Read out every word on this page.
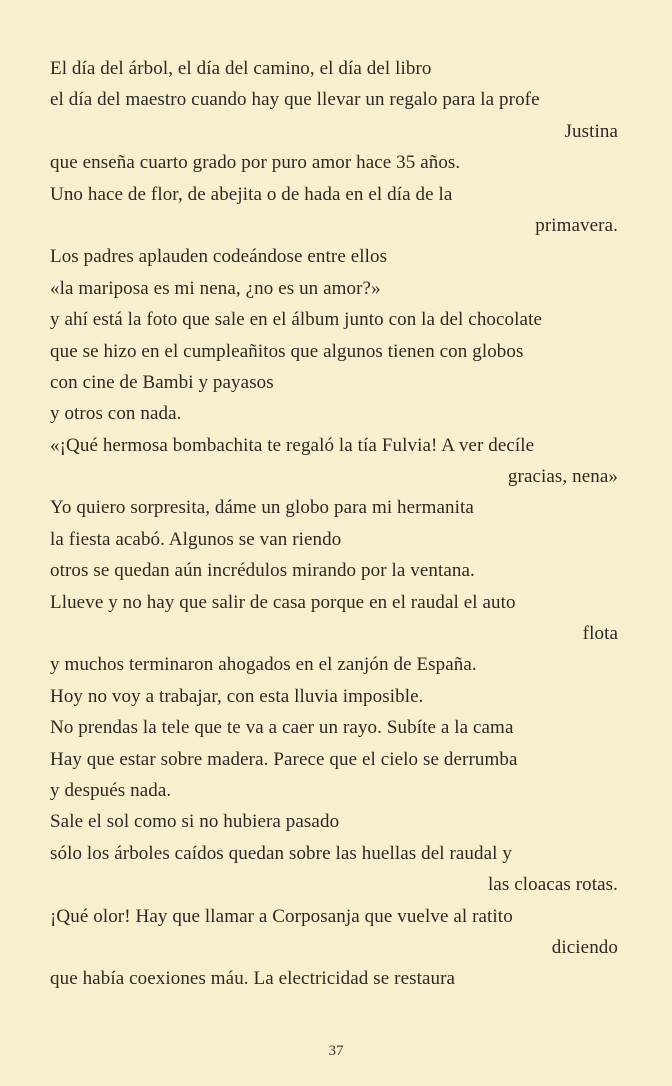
El día del árbol, el día del camino, el día del libro
el día del maestro cuando hay que llevar un regalo para la profe
Justina
que enseña cuarto grado por puro amor hace 35 años.
Uno hace de flor, de abejita o de hada en el día de la
primavera.
Los padres aplauden codeándose entre ellos
«la mariposa es mi nena, ¿no es un amor?»
y ahí está la foto que sale en el álbum junto con la del chocolate
que se hizo en el cumpleañitos que algunos tienen con globos
con cine de Bambi y payasos
y otros con nada.
«¡Qué hermosa bombachita te regaló la tía Fulvia! A ver decíle
gracias, nena»
Yo quiero sorpresita, dáme un globo para mi hermanita
la fiesta acabó. Algunos se van riendo
otros se quedan aún incrédulos mirando por la ventana.
Llueve y no hay que salir de casa porque en el raudal el auto
flota
y muchos terminaron ahogados en el zanjón de España.
Hoy no voy a trabajar, con esta lluvia imposible.
No prendas la tele que te va a caer un rayo. Subíte a la cama
Hay que estar sobre madera. Parece que el cielo se derrumba
y después nada.
Sale el sol como si no hubiera pasado
sólo los árboles caídos quedan sobre las huellas del raudal y
las cloacas rotas.
¡Qué olor! Hay que llamar a Corposanja que vuelve al ratito
diciendo
que había coexiones máu. La electricidad se restaura
37
